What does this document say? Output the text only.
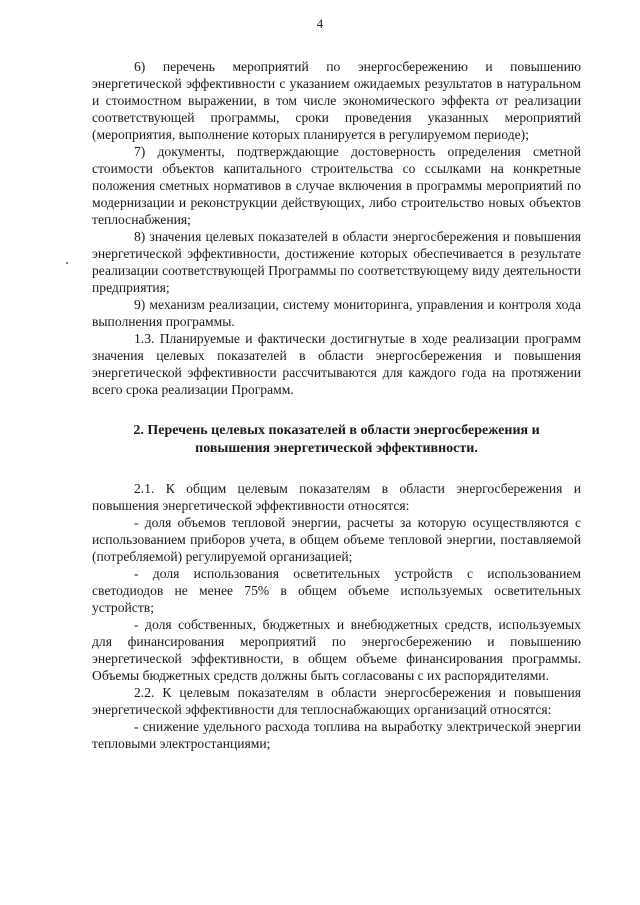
4

6) перечень мероприятий по энергосбережению и повышению энергетической эффективности с указанием ожидаемых результатов в натуральном и стоимостном выражении, в том числе экономического эффекта от реализации соответствующей программы, сроки проведения указанных мероприятий (мероприятия, выполнение которых планируется в регулируемом периоде);

7) документы, подтверждающие достоверность определения сметной стоимости объектов капитального строительства со ссылками на конкретные положения сметных нормативов в случае включения в программы мероприятий по модернизации и реконструкции действующих, либо строительство новых объектов теплоснабжения;

8) значения целевых показателей в области энергосбережения и повышения энергетической эффективности, достижение которых обеспечивается в результате реализации соответствующей Программы по соответствующему виду деятельности предприятия;

9) механизм реализации, систему мониторинга, управления и контроля хода выполнения программы.

1.3. Планируемые и фактически достигнутые в ходе реализации программ значения целевых показателей в области энергосбережения и повышения энергетической эффективности рассчитываются для каждого года на протяжении всего срока реализации Программ.

2. Перечень целевых показателей в области энергосбережения и
повышения энергетической эффективности.

2.1. К общим целевым показателям в области энергосбережения и повышения энергетической эффективности относятся:

- доля объемов тепловой энергии, расчеты за которую осуществляются с использованием приборов учета, в общем объеме тепловой энергии, поставляемой (потребляемой) регулируемой организацией;

- доля использования осветительных устройств с использованием светодиодов не менее 75% в общем объеме используемых осветительных устройств;

- доля собственных, бюджетных и внебюджетных средств, используемых для финансирования мероприятий по энергосбережению и повышению энергетической эффективности, в общем объеме финансирования программы. Объемы бюджетных средств должны быть согласованы с их распорядителями.

2.2. К целевым показателям в области энергосбережения и повышения энергетической эффективности для теплоснабжающих организаций относятся:

- снижение удельного расхода топлива на выработку электрической энергии тепловыми электростанциями;
